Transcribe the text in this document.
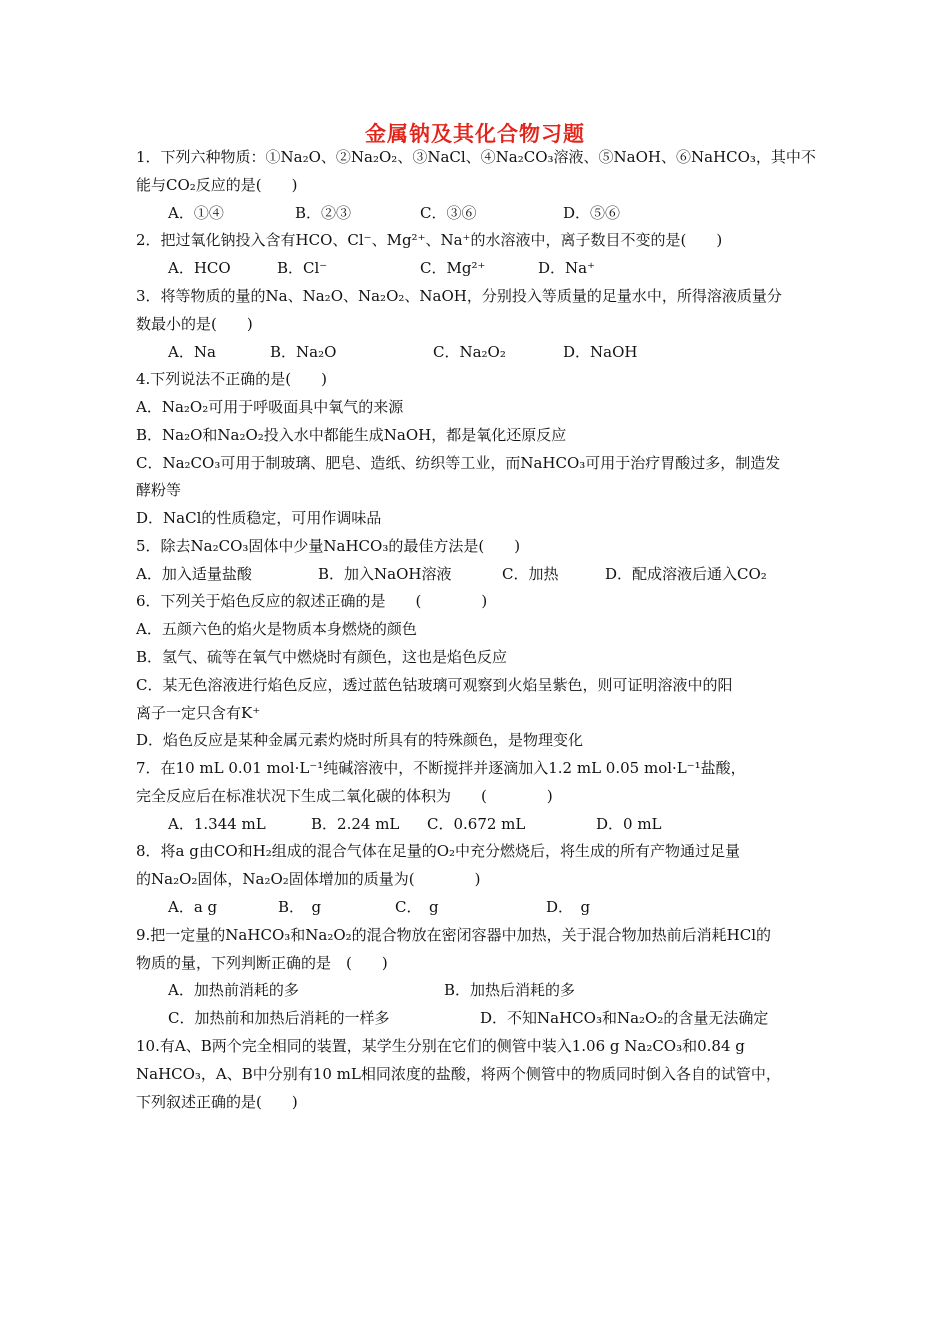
金属钠及其化合物习题
1．下列六种物质：①Na₂O、②Na₂O₂、③NaCl、④Na₂CO₃溶液、⑤NaOH、⑥NaHCO₃，其中不
能与CO₂反应的是(　　)
A．①④	B．②③	C．③⑥	D．⑤⑥
2．把过氧化钠投入含有HCO、Cl⁻、Mg²⁺、Na⁺的水溶液中，离子数目不变的是(　　)
A．HCO	B．Cl⁻	C．Mg²⁺	D．Na⁺
3．将等物质的量的Na、Na₂O、Na₂O₂、NaOH，分别投入等质量的足量水中，所得溶液质量分
数最小的是(　　)
A．Na	B．Na₂O	C．Na₂O₂	D．NaOH
4.下列说法不正确的是(　　)
A．Na₂O₂可用于呼吸面具中氧气的来源
B．Na₂O和Na₂O₂投入水中都能生成NaOH，都是氧化还原反应
C．Na₂CO₃可用于制玻璃、肥皂、造纸、纺织等工业，而NaHCO₃可用于治疗胃酸过多，制造发
酵粉等
D．NaCl的性质稳定，可用作调味品
5．除去Na₂CO₃固体中少量NaHCO₃的最佳方法是(　　)
A．加入适量盐酸	B．加入NaOH溶液	C．加热	D．配成溶液后通入CO₂
6．下列关于焰色反应的叙述正确的是　　(　　　　)
A．五颜六色的焰火是物质本身燃烧的颜色
B．氢气、硫等在氧气中燃烧时有颜色，这也是焰色反应
C．某无色溶液进行焰色反应，透过蓝色钴玻璃可观察到火焰呈紫色，则可证明溶液中的阳
离子一定只含有K⁺
D．焰色反应是某种金属元素灼烧时所具有的特殊颜色，是物理变化
7．在10 mL 0.01 mol·L⁻¹纯碱溶液中，不断搅拌并逐滴加入1.2 mL 0.05 mol·L⁻¹盐酸，
完全反应后在标准状况下生成二氧化碳的体积为　　(　　　　)
A．1.344 mL	B．2.24 mL C．0.672 mL	D．0 mL
8．将a g由CO和H₂组成的混合气体在足量的O₂中充分燃烧后，将生成的所有产物通过足量
的Na₂O₂固体，Na₂O₂固体增加的质量为(　　　　)
A．a g	B．　g	C．　g	D．　g
9.把一定量的NaHCO₃和Na₂O₂的混合物放在密闭容器中加热，关于混合物加热前后消耗HCl的
物质的量，下列判断正确的是　(　　)
A．加热前消耗的多	B．加热后消耗的多
C．加热前和加热后消耗的一样多	D．不知NaHCO₃和Na₂O₂的含量无法确定
10.有A、B两个完全相同的装置，某学生分别在它们的侧管中装入1.06 g Na₂CO₃和0.84 g
NaHCO₃，A、B中分别有10 mL相同浓度的盐酸，将两个侧管中的物质同时倒入各自的试管中，
下列叙述正确的是(　　)
